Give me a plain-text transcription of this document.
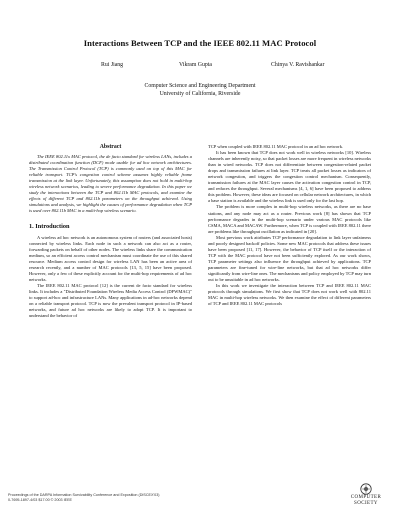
Interactions Between TCP and the IEEE 802.11 MAC Protocol
Rui Jiang	Vikram Gupta	Chinya V. Ravishankar
Computer Science and Engineering Department
University of California, Riverside
Abstract

The IEEE 802.11x MAC protocol, the de facto standard for wireless LANs, includes a distributed coordination function (DCF) mode usable for ad hoc network architectures. The Transmission Control Protocol (TCP) is commonly used on top of this MAC for reliable transport. TCP's congestion control scheme assumes highly reliable frame transmission at the link layer. Unfortunately, this assumption does not hold in multi-hop wireless network scenarios, leading to severe performance degradation. In this paper we study the interactions between the TCP and 802.11b MAC protocols, and examine the effects of different TCP and 802.11b parameters on the throughput achieved. Using simulations and analysis, we highlight the causes of performance degradation when TCP is used over 802.11b MAC in a multi-hop wireless scenario.

1. Introduction

A wireless ad hoc network is an autonomous system of routers (and associated hosts) connected by wireless links. Each node in such a network can also act as a router, forwarding packets on behalf of other nodes. The wireless links share the communication medium, so an efficient access control mechanism must coordinate the use of this shared resource. Medium access control design for wireless LAN has been an active area of research recently, and a number of MAC protocols [13, 5, 15] have been proposed. However, only a few of these explicitly account for the multi-hop requirements of ad hoc networks.

The IEEE 802.11 MAC protocol [12] is the current de facto standard for wireless links. It includes a "Distributed Foundation Wireless Media Access Control (DFWMAC)" to support ad-hoc and infrastructure LANs. Many applications in ad-hoc networks depend on a reliable transport protocol. TCP is now the prevalent transport protocol in IP-based networks, and future ad hoc networks are likely to adopt TCP. It is important to understand the behavior of

TCP when coupled with IEEE 802.11 MAC protocol in an ad hoc network.

It has been known that TCP does not work well in wireless networks [10]. Wireless channels are inherently noisy, so that packet losses are more frequent in wireless networks than in wired networks. TCP does not differentiate between congestion-related packet drops and transmission failures at link layer. TCP treats all packet losses as indicators of network congestion, and triggers the congestion control mechanism. Consequently, transmission failures at the MAC layer causes the activation congestion control in TCP, and reduces the throughput. Several mechanisms [4, 1, 6] have been proposed to address this problem. However, these ideas are focused on cellular network architectures, in which a base station is available and the wireless link is used only for the last hop.

The problem is more complex in multi-hop wireless networks, as there are no base stations, and any node may act as a router. Previous work [8] has shown that TCP performance degrades in the multi-hop scenario under various MAC protocols like CSMA, MACA and MACAW. Furthermore, when TCP is coupled with IEEE 802.11 there are problems like throughput oscillation as indicated in [20].

Most previous work attributes TCP performance degradation to link layer unfairness and poorly designed backoff policies. Some new MAC protocols that address these issues have been proposed [11, 17]. However, the behavior of TCP itself or the interaction of TCP with the MAC protocol have not been sufficiently explored. As our work shows, TCP parameter settings also influence the throughput achieved by applications. TCP parameters are fine-tuned for wire-line networks, but that ad hoc networks differ significantly from wire-line ones. The mechanisms and policy employed by TCP may turn out to be unsuitable in ad hoc networks.

In this work we investigate the interaction between TCP and IEEE 802.11 MAC protocols through simulations. We first show that TCP does not work well with 802.11 MAC in multi-hop wireless networks. We then examine the effect of different parameters of TCP and IEEE 802.11 MAC protocols

Proceedings of the DARPA Information Survivability Conference and Exposition (DISCEX'03)
0-7695-1897-4/03 $17.00 © 2003 IEEE	COMPUTER
SOCIETY
